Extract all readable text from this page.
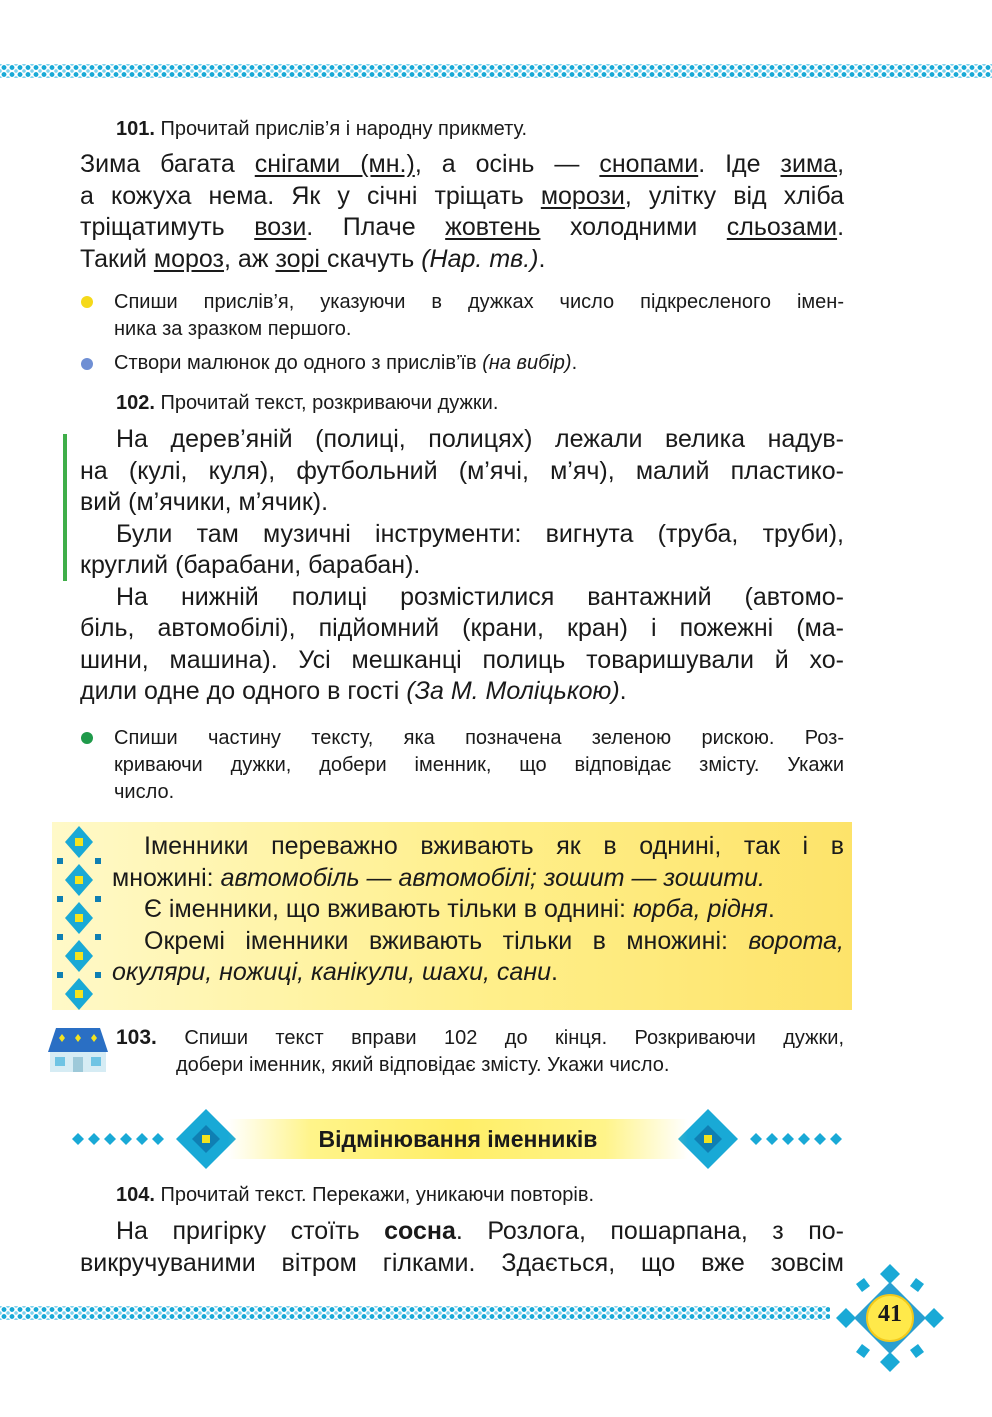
101. Прочитай прислів’я і народну прикмету.
Зима багата снігами (мн.), а осінь — снопами. Іде зима,
а кожуха нема. Як у січні тріщать морози, улітку від хліба
тріщатимуть вози. Плаче жовтень холодними сльозами.
Такий мороз, аж зорі скачуть (Нар. тв.).
Спиши прислів’я, указуючи в дужках число підкресленого імен-
ника за зразком першого.
Створи малюнок до одного з прислів’їв (на вибір).
102. Прочитай текст, розкриваючи дужки.
На дерев’яній (полиці, полицях) лежали велика надув-
на (кулі, куля), футбольний (м’ячі, м’яч), малий пластико-
вий (м’ячики, м’ячик).
Були там музичні інструменти: вигнута (труба, труби),
круглий (барабани, барабан).
На нижній полиці розмістилися вантажний (автомо-
біль, автомобілі), підйомний (крани, кран) і пожежні (ма-
шини, машина). Усі мешканці полиць товаришували й хо-
дили одне до одного в гості (За М. Моліцькою).
Спиши частину тексту, яка позначена зеленою рискою. Роз-
криваючи дужки, добери іменник, що відповідає змісту. Укажи
число.
Іменники переважно вживають як в однині, так і в
множині: автомобіль — автомобілі; зошит — зошити.
Є іменники, що вживають тільки в однині: юрба, рідня.
Окремі іменники вживають тільки в множині: ворота,
окуляри, ножиці, канікули, шахи, сани.
103. Спиши текст вправи 102 до кінця. Розкриваючи дужки,
добери іменник, який відповідає змісту. Укажи число.
Відмінювання іменників
104. Прочитай текст. Перекажи, уникаючи повторів.
На пригірку стоїть сосна. Розлога, пошарпана, з по-
викручуваними вітром гілками. Здається, що вже зовсім
41
